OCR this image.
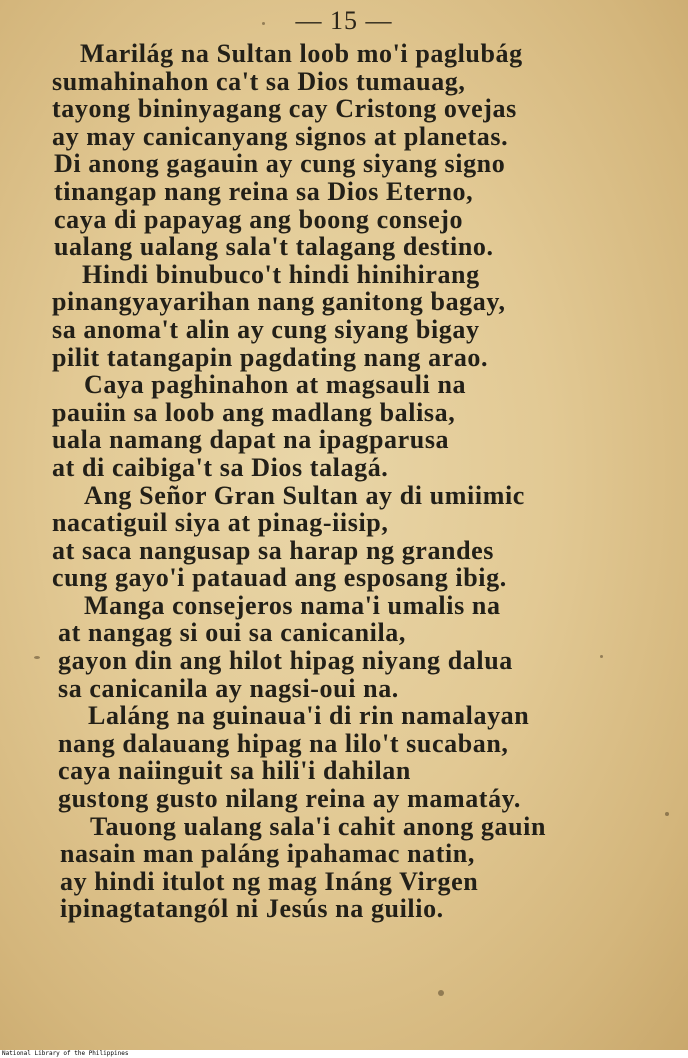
— 15 —
Marilág na Sultan loob mo'i paglubág
sumahinahon ca't sa Dios tumauag,
tayong bininyagang cay Cristong ovejas
ay may canicanyang signos at planetas.
Di anong gagauin ay cung siyang signo
tinangap nang reina sa Dios Eterno,
caya di papayag ang boong consejo
ualang ualang sala't talagang destino.
Hindi binubuco't hindi hinihirang
pinangyayarihan nang ganitong bagay,
sa anoma't alin ay cung siyang bigay
pilit tatangapin pagdating nang arao.
Caya paghinahon at magsauli na
pauiin sa loob ang madlang balisa,
uala namang dapat na ipagparusa
at di caibiga't sa Dios talagá.
Ang Señor Gran Sultan ay di umiimic
nacatiguil siya at pinag-iisip,
at saca nangusap sa harap ng grandes
cung gayo'i patauad ang esposang ibig.
Manga consejeros nama'i umalis na
at nangag si oui sa canicanila,
gayon din ang hilot hipag niyang dalua
sa canicanila ay nagsi-oui na.
Laláng na guinaua'i di rin namalayan
nang dalauang hipag na lilo't sucaban,
caya naiinguit sa hili'i dahilan
gustong gusto nilang reina ay mamatáy.
Tauong ualang sala'i cahit anong gauin
nasain man paláng ipahamac natin,
ay hindi itulot ng mag Ináng Virgen
ipinagtatangól ni Jesús na guilio.
National Library of the Philippines
